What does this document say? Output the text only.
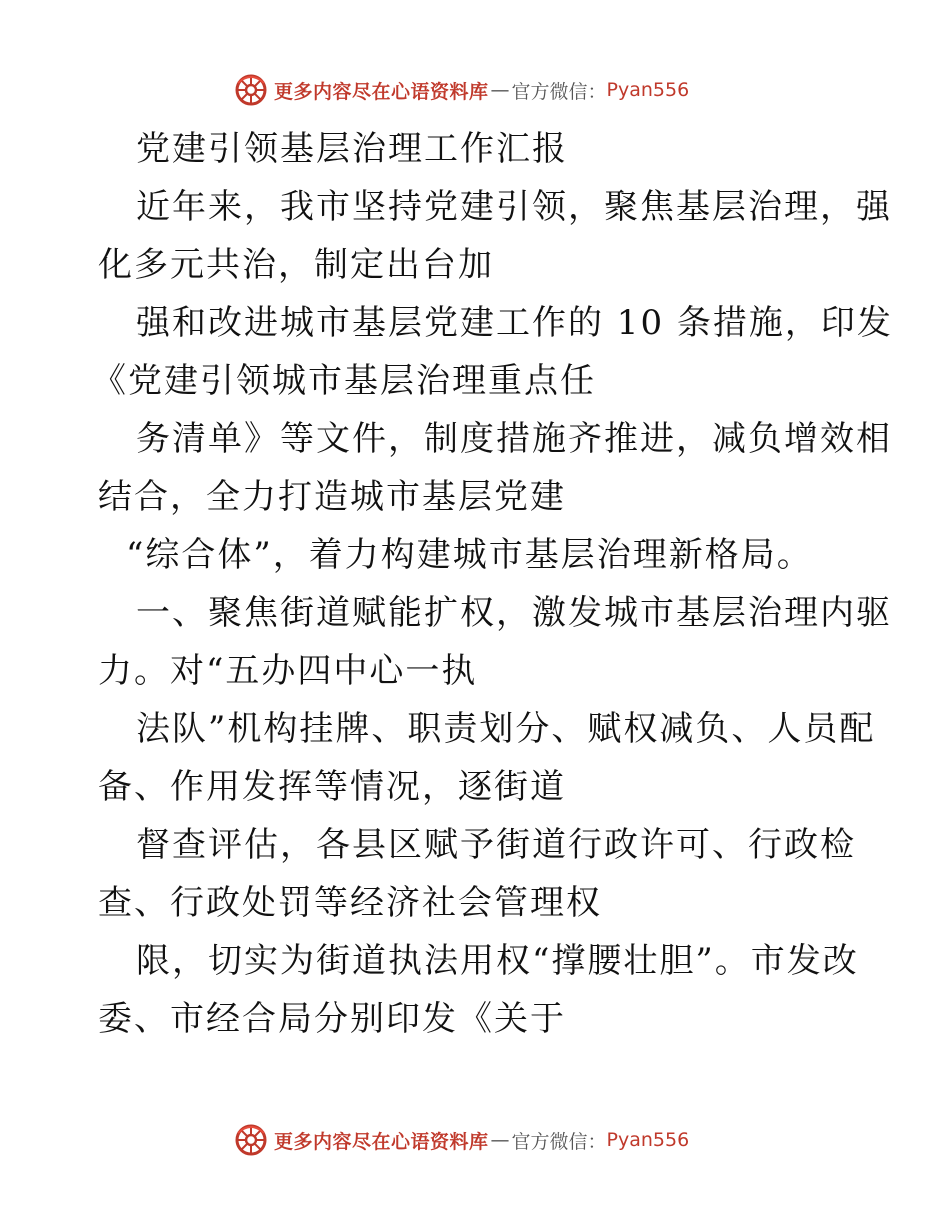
更多内容尽在心语资料库 — 官方微信： Pyan556
党建引领基层治理工作汇报
近年来，我市坚持党建引领，聚焦基层治理，强
化多元共治，制定出台加
强和改进城市基层党建工作的 10 条措施，印发
《党建引领城市基层治理重点任
务清单》等文件，制度措施齐推进，减负增效相
结合，全力打造城市基层党建
“综合体”，着力构建城市基层治理新格局。
一、聚焦街道赋能扩权，激发城市基层治理内驱
力。对“五办四中心一执
法队”机构挂牌、职责划分、赋权减负、人员配
备、作用发挥等情况，逐街道
督查评估，各县区赋予街道行政许可、行政检
查、行政处罚等经济社会管理权
限，切实为街道执法用权“撑腰壮胆”。市发改
委、市经合局分别印发《关于
更多内容尽在心语资料库 — 官方微信： Pyan556
